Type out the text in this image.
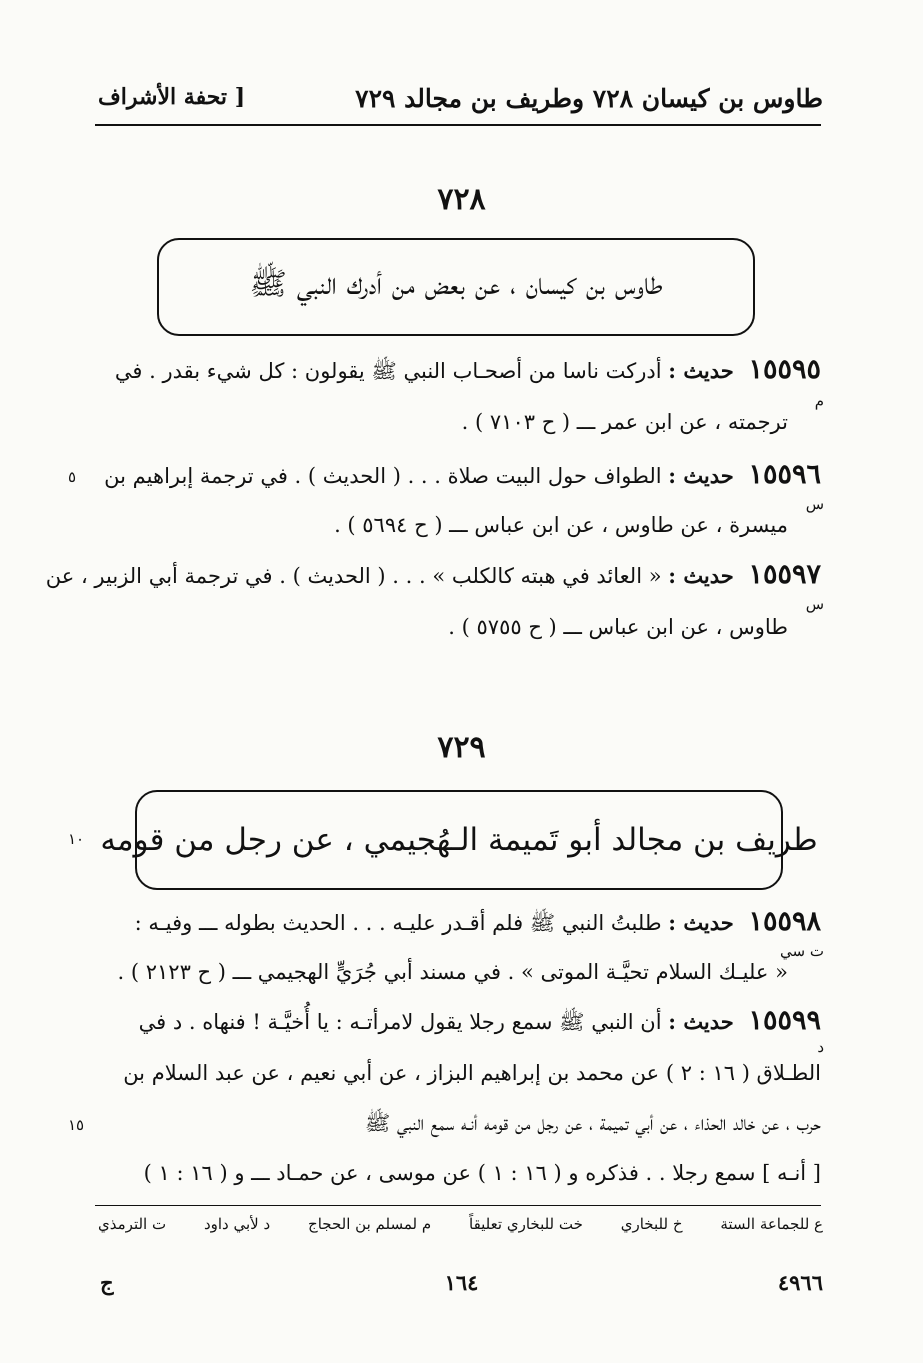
طاوس بن كيسان ٧٢٨ وطريف بن مجالد ٧٢٩
[ تحفة الأشراف
٧٢٨
طاوس بن كيسان ، عن بعض من أدرك النبي ﷺ
١٥٥٩٥ حديث : أدركت ناسا من أصحـاب النبي ﷺ يقولون : كل شيء بقدر . في
م
ترجمته ، عن ابن عمر ـــ ( ح ٧١٠٣ ) .
١٥٥٩٦ حديث : الطواف حول البيت صلاة . . . ( الحديث ) . في ترجمة إبراهيم بن
٥
س
ميسرة ، عن طاوس ، عن ابن عباس ـــ ( ح ٥٦٩٤ ) .
١٥٥٩٧ حديث : « العائد في هبته كالكلب » . . . ( الحديث ) . في ترجمة أبي الزبير ، عن
س
طاوس ، عن ابن عباس ـــ ( ح ٥٧٥٥ ) .
٧٢٩
١٠ طريف بن مجالد أبو تَميمة الـهُجيمي ، عن رجل من قومه
١٥٥٩٨ حديث : طلبتُ النبي ﷺ فلم أقـدر عليـه . . . الحديث بطوله ـــ وفيـه :
ت سي
« عليـك السلام تحيَّـة الموتى » . في مسند أبي جُرَيٍّ الهجيمي ـــ ( ح ٢١٢٣ ) .
١٥٥٩٩ حديث : أن النبي ﷺ سمع رجلا يقول لامرأتـه : يا أُخيَّـة ! فنهاه . د في
د
الطـلاق ( ١٦ : ٢ ) عن محمد بن إبراهيم البزاز ، عن أبي نعيم ، عن عبد السلام بن
حرب ، عن خالد الحذاء ، عن أبي تميمة ، عن رجل من قومه أنـه سمع النبي ﷺ
١٥
[ أنـه ] سمع رجلا . . فذكره و ( ١٦ : ١ ) عن موسى ، عن حمـاد ـــ و ( ١٦ : ١ )
ع للجماعة الستة
خ للبخاري
خت للبخاري تعليقاً
م لمسلم بن الحجاج
د لأبي داود
ت الترمذي
٤٩٦٦
١٦٤
ج
